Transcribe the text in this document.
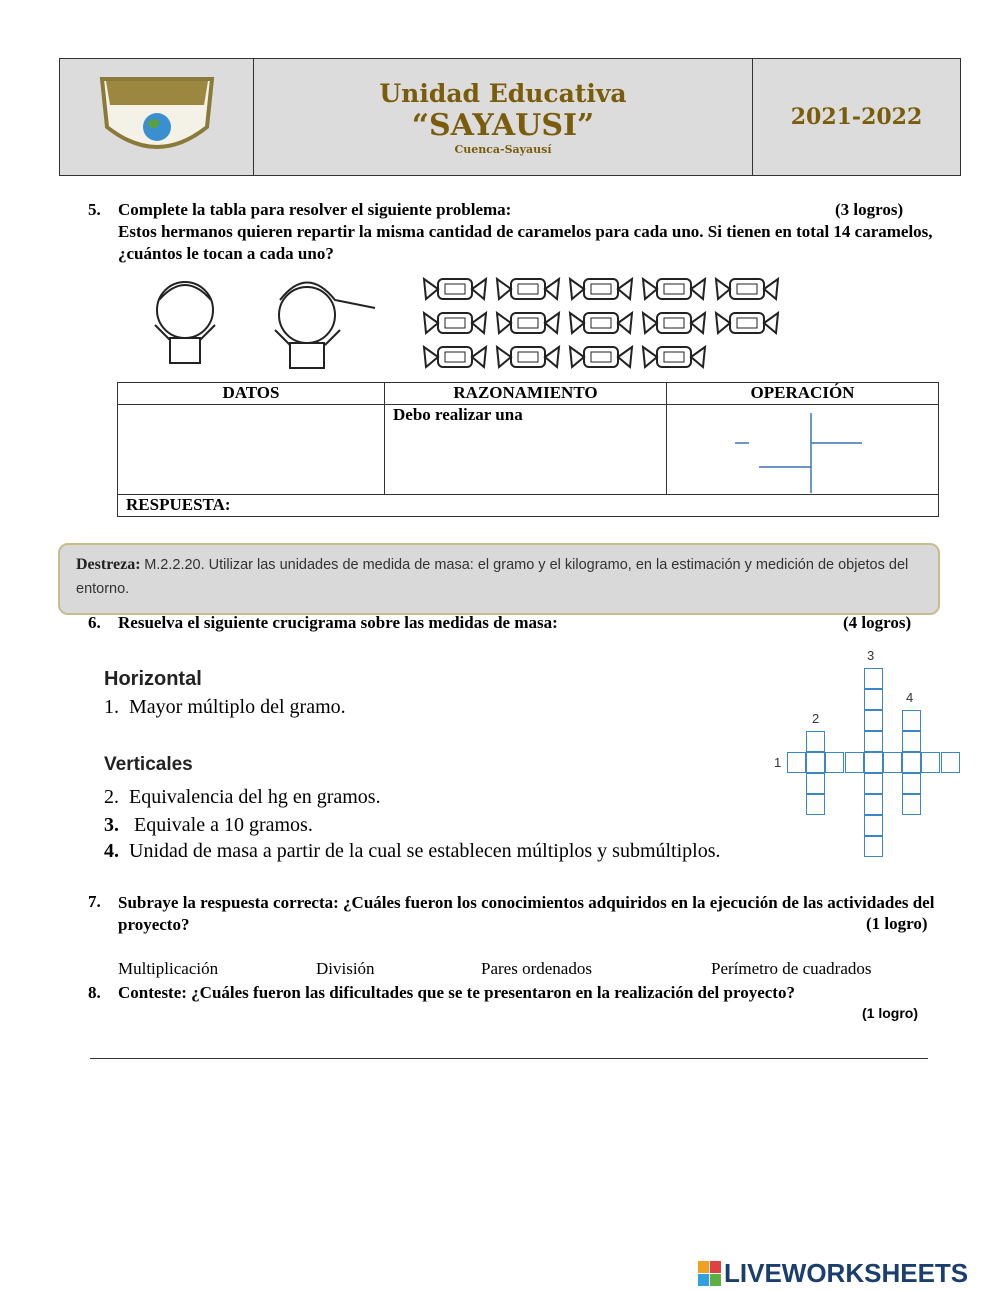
Unidad Educativa
“SAYAUSI”
Cuenca-Sayausí
2021-2022
5. Complete la tabla para resolver el siguiente problema:	(3 logros)
Estos hermanos quieren repartir la misma cantidad de caramelos para cada uno. Si tienen en total 14 caramelos, ¿cuántos le tocan a cada uno?
DATOS	RAZONAMIENTO	OPERACIÓN
	Debo realizar una	

RESPUESTA:		
Destreza: M.2.2.20. Utilizar las unidades de medida de masa: el gramo y el kilogramo, en la estimación y medición de objetos del entorno.
6. Resuelva el siguiente crucigrama sobre las medidas de masa:	(4 logros)
Horizontal
1. Mayor múltiplo del gramo.
Verticales
2. Equivalencia del hg en gramos.
3. Equivale a 10 gramos.
4. Unidad de masa a partir de la cual se establecen múltiplos y submúltiplos.
1
2
3
4
7. Subraye la respuesta correcta: ¿Cuáles fueron los conocimientos adquiridos en la ejecución de las actividades del proyecto?	(1 logro)
Multiplicación	División	Pares ordenados	Perímetro de cuadrados
8. Conteste: ¿Cuáles fueron las dificultades que se te presentaron en la realización del proyecto?
(1 logro)
LIVEWORKSHEETS
